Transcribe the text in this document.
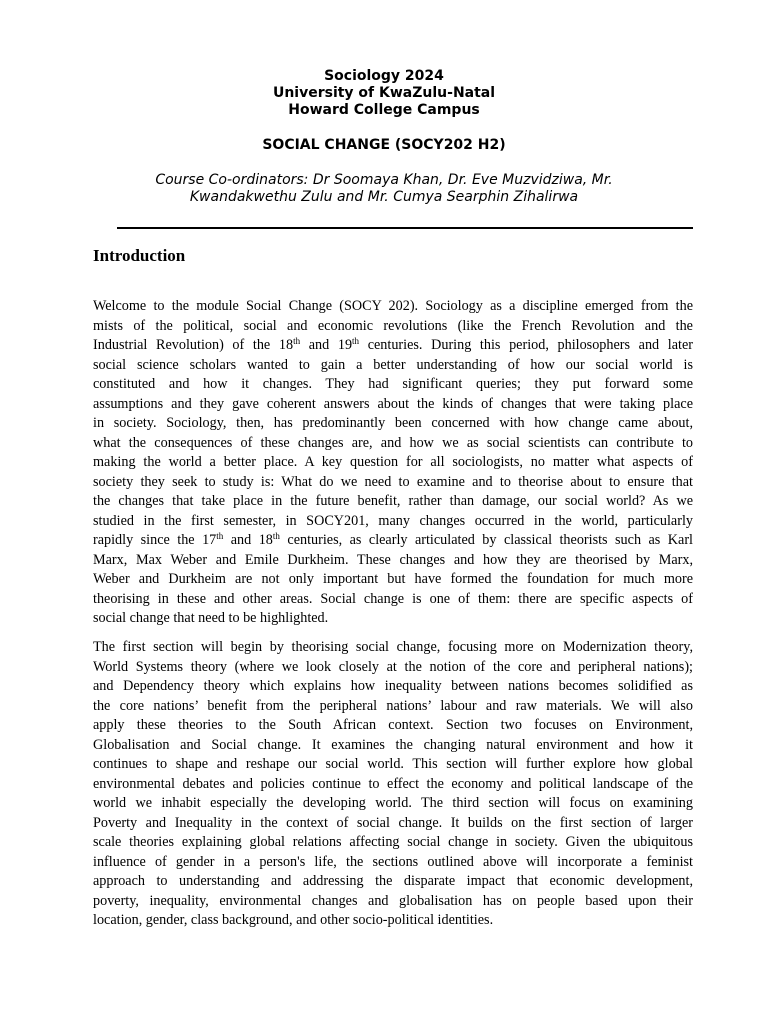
Sociology 2024

University of KwaZulu-Natal

Howard College Campus

SOCIAL CHANGE (SOCY202 H2)

Course Co-ordinators: Dr Soomaya Khan, Dr. Eve Muzvidziwa, Mr.
Kwandakwethu Zulu and Mr. Cumya Searphin Zihalirwa

Introduction
Welcome to the module Social Change (SOCY 202). Sociology as a discipline emerged from the
mists of the political, social and economic revolutions (like the French Revolution and the
Industrial Revolution) of the 18th and 19th centuries. During this period, philosophers and later
social science scholars wanted to gain a better understanding of how our social world is
constituted and how it changes. They had significant queries; they put forward some
assumptions and they gave coherent answers about the kinds of changes that were taking place
in society. Sociology, then, has predominantly been concerned with how change came about,
what the consequences of these changes are, and how we as social scientists can contribute to
making the world a better place. A key question for all sociologists, no matter what aspects of
society they seek to study is: What do we need to examine and to theorise about to ensure that
the changes that take place in the future benefit, rather than damage, our social world? As we
studied in the first semester, in SOCY201, many changes occurred in the world, particularly
rapidly since the 17th and 18th centuries, as clearly articulated by classical theorists such as Karl
Marx, Max Weber and Emile Durkheim. These changes and how they are theorised by Marx,
Weber and Durkheim are not only important but have formed the foundation for much more
theorising in these and other areas. Social change is one of them: there are specific aspects of
social change that need to be highlighted.
The first section will begin by theorising social change, focusing more on Modernization theory,
World Systems theory (where we look closely at the notion of the core and peripheral nations);
and Dependency theory which explains how inequality between nations becomes solidified as
the core nations’ benefit from the peripheral nations’ labour and raw materials. We will also
apply these theories to the South African context. Section two focuses on Environment,
Globalisation and Social change. It examines the changing natural environment and how it
continues to shape and reshape our social world. This section will further explore how global
environmental debates and policies continue to effect the economy and political landscape of the
world we inhabit especially the developing world. The third section will focus on examining
Poverty and Inequality in the context of social change. It builds on the first section of larger
scale theories explaining global relations affecting social change in society. Given the ubiquitous
influence of gender in a person's life, the sections outlined above will incorporate a feminist
approach to understanding and addressing the disparate impact that economic development,
poverty, inequality, environmental changes and globalisation has on people based upon their
location, gender, class background, and other socio-political identities.
